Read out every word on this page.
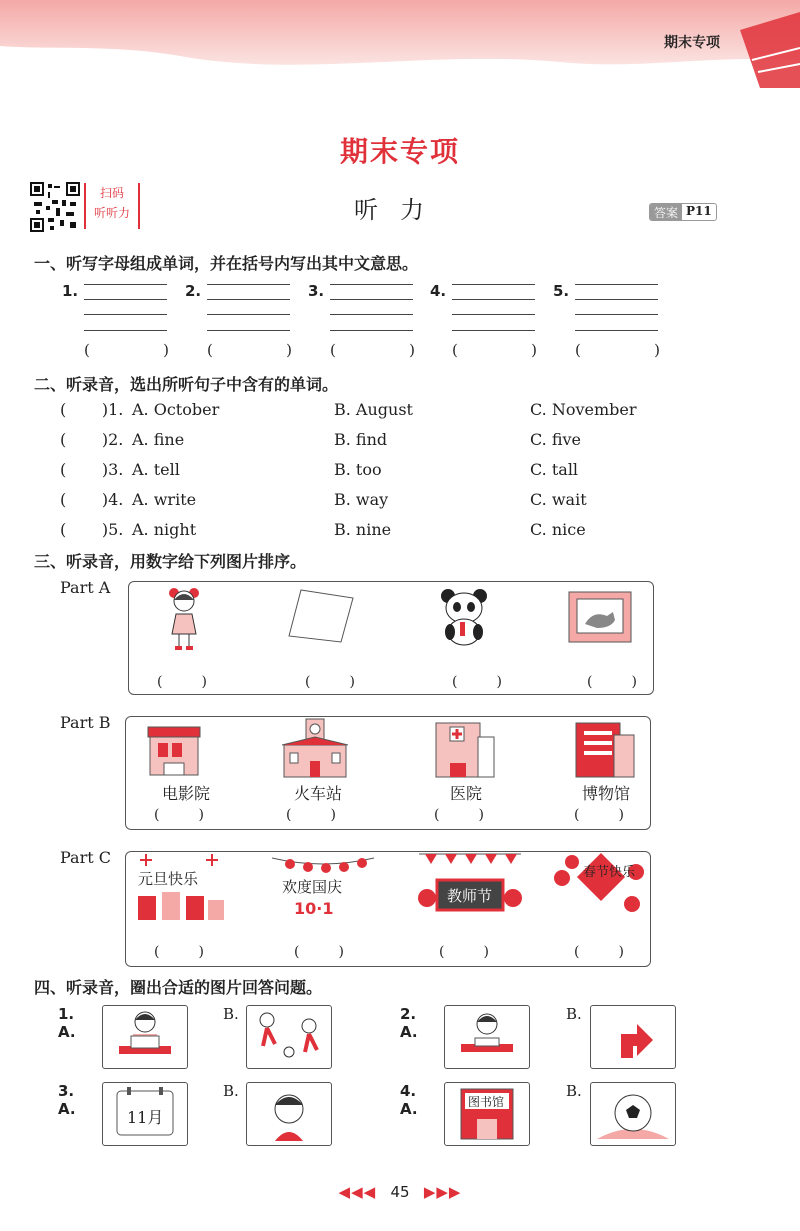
期末专项
期末专项
扫码
听听力	听力	答案 P11
一、听写字母组成单词，并在括号内写出其中文意思。
1.
(	)
2.
(	)
3.
(	)
4.
(	)
5.
(	)
二、听录音，选出所听句子中含有的单词。
(       )1. A. October	B. August	C. November
(       )2. A. fine	B. find	C. five
(       )3. A. tell	B. too	C. tall
(       )4. A. write	B. way	C. wait
(       )5. A. night	B. nine	C. nice
三、听录音，用数字给下列图片排序。
Part A
(	)	(	)	(	)	(	)
Part B
电影院
(	)
火车站
(	)
医院
(	)
博物馆
(	)
Part C
元旦快乐
(	)
欢度国庆
10·1
(	)
教师节
(	)
春节快乐
(	)
四、听录音，圈出合适的图片回答问题。
1. A.
B.	2. A.
B.
3. A.	11月
B.	4. A.	图书馆
B.
◀◀◀ 45 ▶▶▶
